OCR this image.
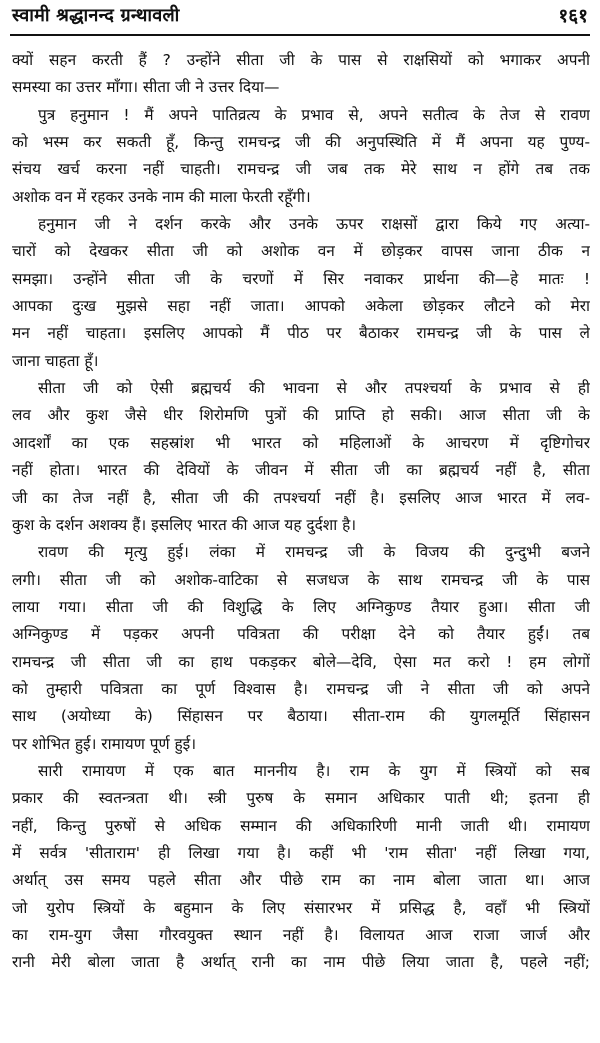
स्वामी श्रद्धानन्द ग्रन्थावली	१६१

क्यों सहन करती हैं ? उन्होंने सीता जी के पास से राक्षसियों को भगाकर अपनी
समस्या का उत्तर माँगा। सीता जी ने उत्तर दिया—

पुत्र हनुमान ! मैं अपने पातिव्रत्य के प्रभाव से, अपने सतीत्व के तेज से रावण
को भस्म कर सकती हूँ, किन्तु रामचन्द्र जी की अनुपस्थिति में मैं अपना यह पुण्य-
संचय खर्च करना नहीं चाहती। रामचन्द्र जी जब तक मेरे साथ न होंगे तब तक
अशोक वन में रहकर उनके नाम की माला फेरती रहूँगी।

हनुमान जी ने दर्शन करके और उनके ऊपर राक्षसों द्वारा किये गए अत्या-
चारों को देखकर सीता जी को अशोक वन में छोड़कर वापस जाना ठीक न
समझा। उन्होंने सीता जी के चरणों में सिर नवाकर प्रार्थना की—हे मातः !
आपका दुःख मुझसे सहा नहीं जाता। आपको अकेला छोड़कर लौटने को मेरा
मन नहीं चाहता। इसलिए आपको मैं पीठ पर बैठाकर रामचन्द्र जी के पास ले
जाना चाहता हूँ।

सीता जी को ऐसी ब्रह्मचर्य की भावना से और तपश्चर्या के प्रभाव से ही
लव और कुश जैसे धीर शिरोमणि पुत्रों की प्राप्ति हो सकी। आज सीता जी के
आदर्शों का एक सहस्रांश भी भारत को महिलाओं के आचरण में दृष्टिगोचर
नहीं होता। भारत की देवियों के जीवन में सीता जी का ब्रह्मचर्य नहीं है, सीता
जी का तेज नहीं है, सीता जी की तपश्चर्या नहीं है। इसलिए आज भारत में लव-
कुश के दर्शन अशक्य हैं। इसलिए भारत की आज यह दुर्दशा है।

रावण की मृत्यु हुई। लंका में रामचन्द्र जी के विजय की दुन्दुभी बजने
लगी। सीता जी को अशोक-वाटिका से सजधज के साथ रामचन्द्र जी के पास
लाया गया। सीता जी की विशुद्धि के लिए अग्निकुण्ड तैयार हुआ। सीता जी
अग्निकुण्ड में पड़कर अपनी पवित्रता की परीक्षा देने को तैयार हुईं। तब
रामचन्द्र जी सीता जी का हाथ पकड़कर बोले—देवि, ऐसा मत करो ! हम लोगों
को तुम्हारी पवित्रता का पूर्ण विश्वास है। रामचन्द्र जी ने सीता जी को अपने
साथ (अयोध्या के) सिंहासन पर बैठाया। सीता-राम की युगलमूर्ति सिंहासन
पर शोभित हुई। रामायण पूर्ण हुई।

सारी रामायण में एक बात माननीय है। राम के युग में स्त्रियों को सब
प्रकार की स्वतन्त्रता थी। स्त्री पुरुष के समान अधिकार पाती थी; इतना ही
नहीं, किन्तु पुरुषों से अधिक सम्मान की अधिकारिणी मानी जाती थी। रामायण
में सर्वत्र 'सीताराम' ही लिखा गया है। कहीं भी 'राम सीता' नहीं लिखा गया,
अर्थात् उस समय पहले सीता और पीछे राम का नाम बोला जाता था। आज
जो युरोप स्त्रियों के बहुमान के लिए संसारभर में प्रसिद्ध है, वहाँ भी स्त्रियों
का राम-युग जैसा गौरवयुक्त स्थान नहीं है। विलायत आज राजा जार्ज और
रानी मेरी बोला जाता है अर्थात् रानी का नाम पीछे लिया जाता है, पहले नहीं;
